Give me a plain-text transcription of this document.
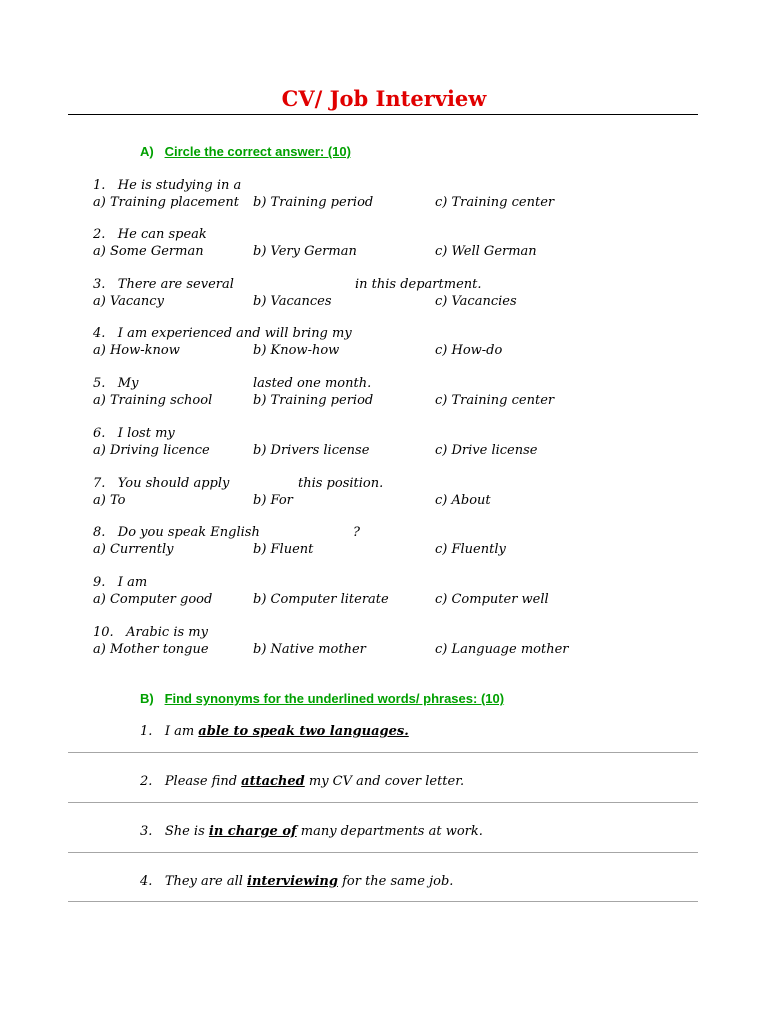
CV/ Job Interview
A) Circle the correct answer: (10)
1.   He is studying in a
a) Training placement b) Training period	c) Training center
2.   He can speak
a) Some German	b) Very German	c) Well German
3.   There are several	in this department.
a) Vacancy	b) Vacances	c) Vacancies
4.   I am experienced and will bring my
a) How-know	b) Know-how	c) How-do
5.   My	lasted one month.
a) Training school	b) Training period	c) Training center
6.   I lost my
a) Driving licence	b) Drivers license	c) Drive license
7.   You should apply	this position.
a) To	b) For	c) About
8.   Do you speak English	?
a) Currently	b) Fluent	c) Fluently
9.   I am
a) Computer good	b) Computer literate	c) Computer well
10.   Arabic is my
a) Mother tongue	b) Native mother	c) Language mother
B) Find synonyms for the underlined words/ phrases: (10)
1. I am able to speak two languages.
2. Please find attached my CV and cover letter.
3. She is in charge of many departments at work.
4. They are all interviewing for the same job.
